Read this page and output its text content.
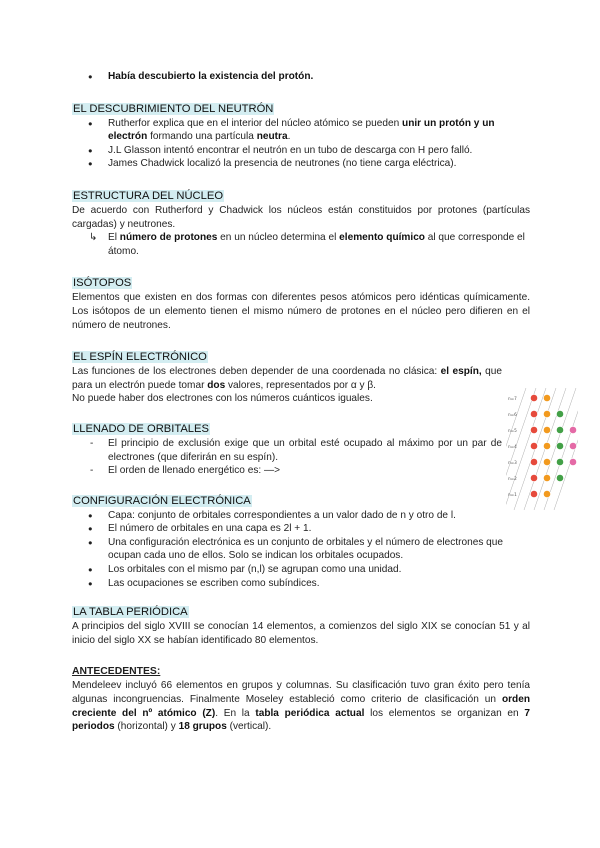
● Había descubierto la existencia del protón.
EL DESCUBRIMIENTO DEL NEUTRÓN
● Rutherfor explica que en el interior del núcleo atómico se pueden unir un protón y un electrón formando una partícula neutra.
● J.L Glasson intentó encontrar el neutrón en un tubo de descarga con H pero falló.
● James Chadwick localizó la presencia de neutrones (no tiene carga eléctrica).
ESTRUCTURA DEL NÚCLEO

De acuerdo con Rutherford y Chadwick los núcleos están constituidos por protones (partículas cargadas) y neutrones.

↳ El número de protones en un núcleo determina el elemento químico al que corresponde el átomo.
ISÓTOPOS

Elementos que existen en dos formas con diferentes pesos atómicos pero idénticas químicamente. Los isótopos de un elemento tienen el mismo número de protones en el núcleo pero difieren en el número de neutrones.

EL ESPÍN ELECTRÓNICO

Las funciones de los electrones deben depender de una coordenada no clásica: el espín, que para un electrón puede tomar dos valores, representados por α y β.

No puede haber dos electrones con los números cuánticos iguales.

LLENADO DE ORBITALES
- El principio de exclusión exige que un orbital esté ocupado al máximo por un par de electrones (que diferirán en su espín).
- El orden de llenado energético es: —>
CONFIGURACIÓN ELECTRÓNICA
● Capa: conjunto de orbitales correspondientes a un valor dado de n y otro de l.
● El número de orbitales en una capa es 2l + 1.
● Una configuración electrónica es un conjunto de orbitales y el número de electrones que ocupan cada uno de ellos. Solo se indican los orbitales ocupados.
● Los orbitales con el mismo par (n,l) se agrupan como una unidad.
● Las ocupaciones se escriben como subíndices.
LA TABLA PERIÓDICA

A principios del siglo XVIII se conocían 14 elementos, a comienzos del siglo XIX se conocían 51 y al inicio del siglo XX se habían identificado 80 elementos.

ANTECEDENTES:

Mendeleev incluyó 66 elementos en grupos y columnas. Su clasificación tuvo gran éxito pero tenía algunas incongruencias. Finalmente Moseley estableció como criterio de clasificación un orden creciente del nº atómico (Z). En la tabla periódica actual los elementos se organizan en 7 periodos (horizontal) y 18 grupos (vertical).

n=7
n=6
n=5
n=4
n=3
n=2
n=1
